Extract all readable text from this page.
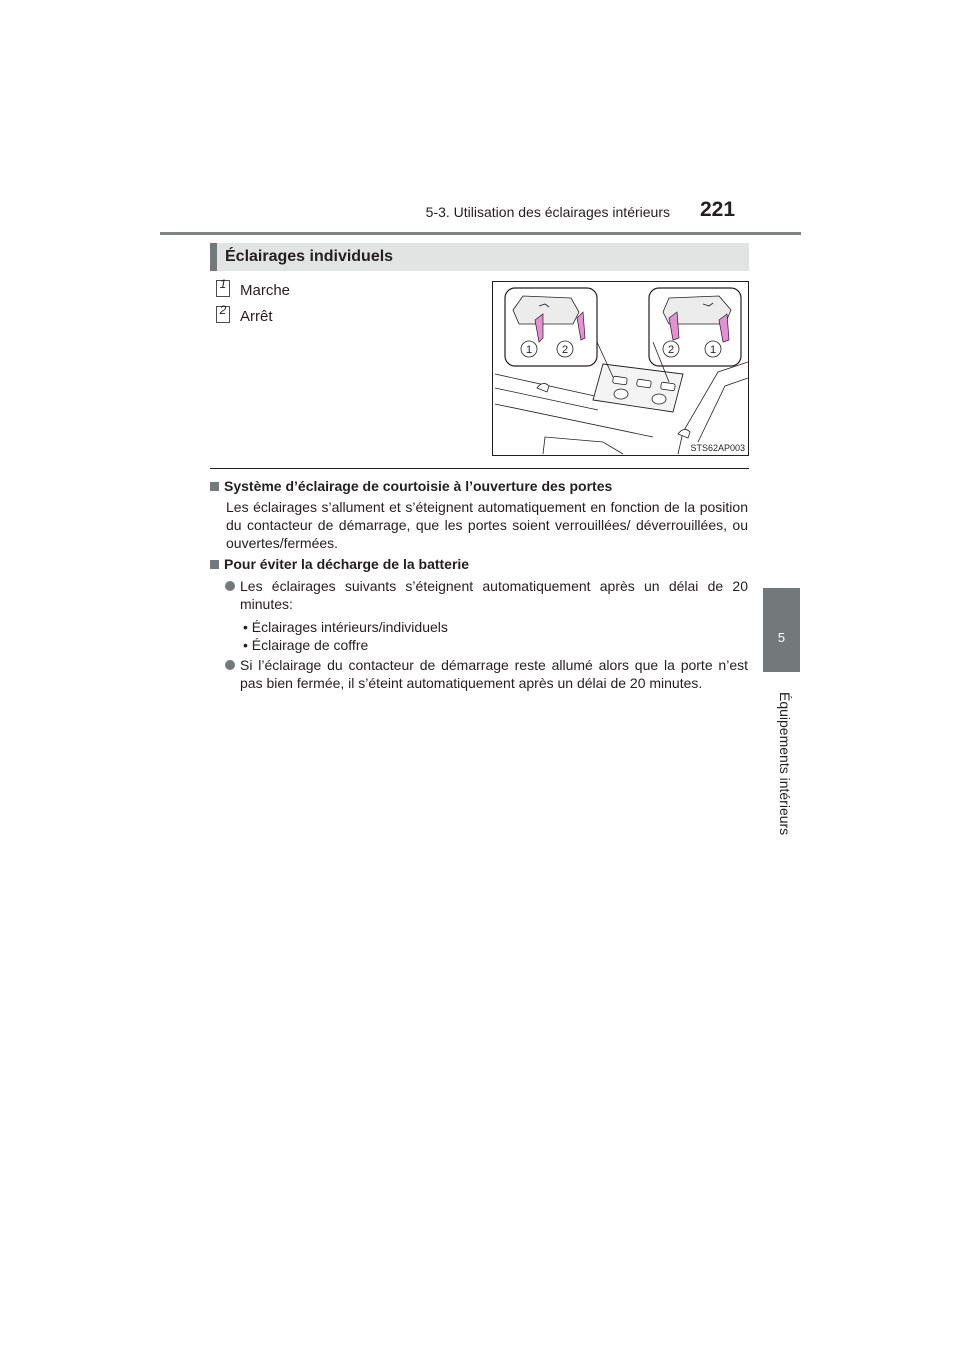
5-3. Utilisation des éclairages intérieurs 221
5
Équipements intérieurs
Éclairages individuels
1 Marche
2 Arrêt
1	2	2	1
STS62AP003
Système d’éclairage de courtoisie à l’ouverture des portes
Les éclairages s’allument et s’éteignent automatiquement en fonction de la position du contacteur de démarrage, que les portes soient verrouillées/ déverrouillées, ou ouvertes/fermées.
Pour éviter la décharge de la batterie
Les éclairages suivants s’éteignent automatiquement après un délai de 20 minutes:
• Éclairages intérieurs/individuels
• Éclairage de coffre
Si l’éclairage du contacteur de démarrage reste allumé alors que la porte n’est pas bien fermée, il s’éteint automatiquement après un délai de 20 minutes.
